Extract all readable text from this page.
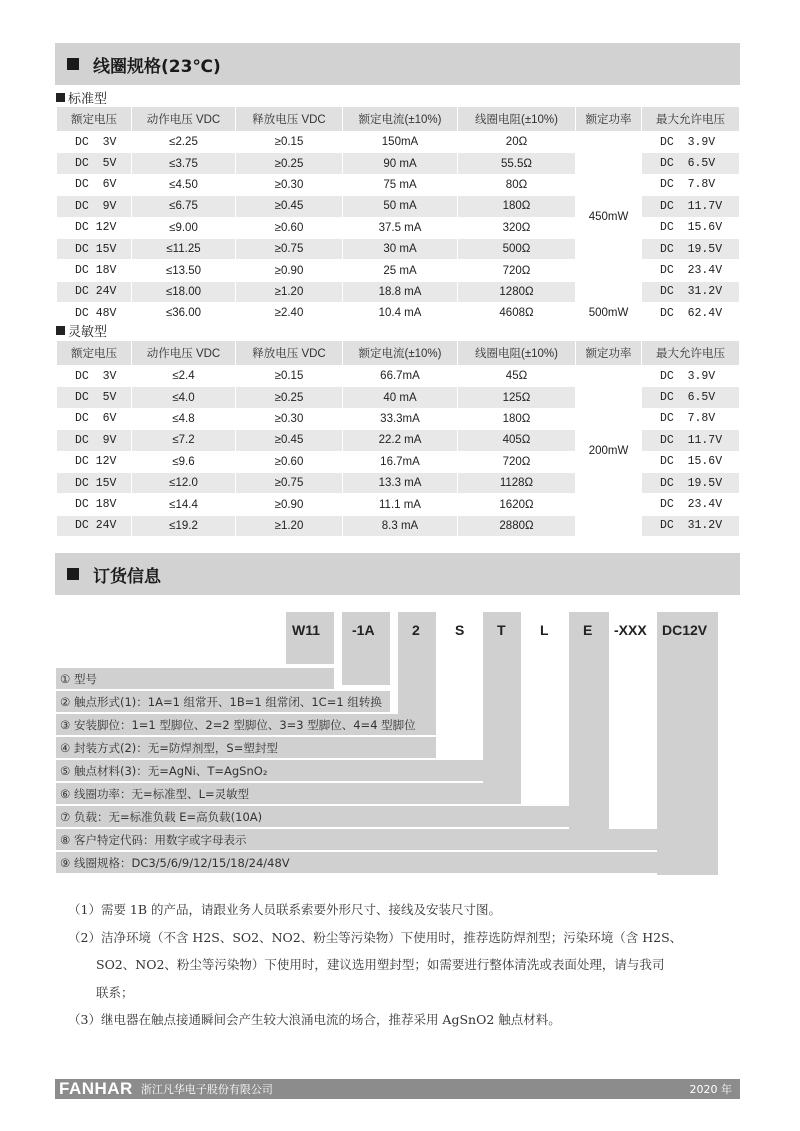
线圈规格(23℃)
标准型
额定电压	动作电压 VDC	释放电压 VDC	额定电流(±10%)	线圈电阻(±10%)	额定功率	最大允许电压
DC  3V	≤2.25	≥0.15	150mA	20Ω	450mW	DC  3.9V
DC  5V	≤3.75	≥0.25	90 mA	55.5Ω		DC  6.5V
DC  6V	≤4.50	≥0.30	75 mA	80Ω		DC  7.8V
DC  9V	≤6.75	≥0.45	50 mA	180Ω		DC  11.7V
DC 12V	≤9.00	≥0.60	37.5 mA	320Ω		DC  15.6V
DC 15V	≤11.25	≥0.75	30 mA	500Ω		DC  19.5V
DC 18V	≤13.50	≥0.90	25 mA	720Ω		DC  23.4V
DC 24V	≤18.00	≥1.20	18.8 mA	1280Ω		DC  31.2V
DC 48V	≤36.00	≥2.40	10.4 mA	4608Ω	500mW	DC  62.4V
灵敏型
额定电压	动作电压 VDC	释放电压 VDC	额定电流(±10%)	线圈电阻(±10%)	额定功率	最大允许电压
DC  3V	≤2.4	≥0.15	66.7mA	45Ω	200mW	DC  3.9V
DC  5V	≤4.0	≥0.25	40 mA	125Ω		DC  6.5V
DC  6V	≤4.8	≥0.30	33.3mA	180Ω		DC  7.8V
DC  9V	≤7.2	≥0.45	22.2 mA	405Ω		DC  11.7V
DC 12V	≤9.6	≥0.60	16.7mA	720Ω		DC  15.6V
DC 15V	≤12.0	≥0.75	13.3 mA	1128Ω		DC  19.5V
DC 18V	≤14.4	≥0.90	11.1 mA	1620Ω		DC  23.4V
DC 24V	≤19.2	≥1.20	8.3 mA	2880Ω		DC  31.2V
订货信息
W11 -1A	2	S T L E -XXX DC12V
① 型号
② 触点形式(1)：1A=1 组常开、1B=1 组常闭、1C=1 组转换
③ 安装脚位：1=1 型脚位、2=2 型脚位、3=3 型脚位、4=4 型脚位
④ 封装方式(2)：无=防焊剂型，S=塑封型
⑤ 触点材料(3)：无=AgNi、T=AgSnO₂
⑥ 线圈功率：无=标准型、L=灵敏型
⑦ 负载：无=标准负载 E=高负载(10A)
⑧ 客户特定代码：用数字或字母表示
⑨ 线圈规格：DC3/5/6/9/12/15/18/24/48V

（1）需要 1B 的产品，请跟业务人员联系索要外形尺寸、接线及安装尺寸图。

（2）洁净环境（不含 H2S、SO2、NO2、粉尘等污染物）下使用时，推荐选防焊剂型；污染环境（含 H2S、

SO2、NO2、粉尘等污染物）下使用时，建议选用塑封型；如需要进行整体清洗或表面处理，请与我司

联系；

（3）继电器在触点接通瞬间会产生较大浪涌电流的场合，推荐采用 AgSnO2 触点材料。

FANHAR 浙江凡华电子股份有限公司	2020 年
